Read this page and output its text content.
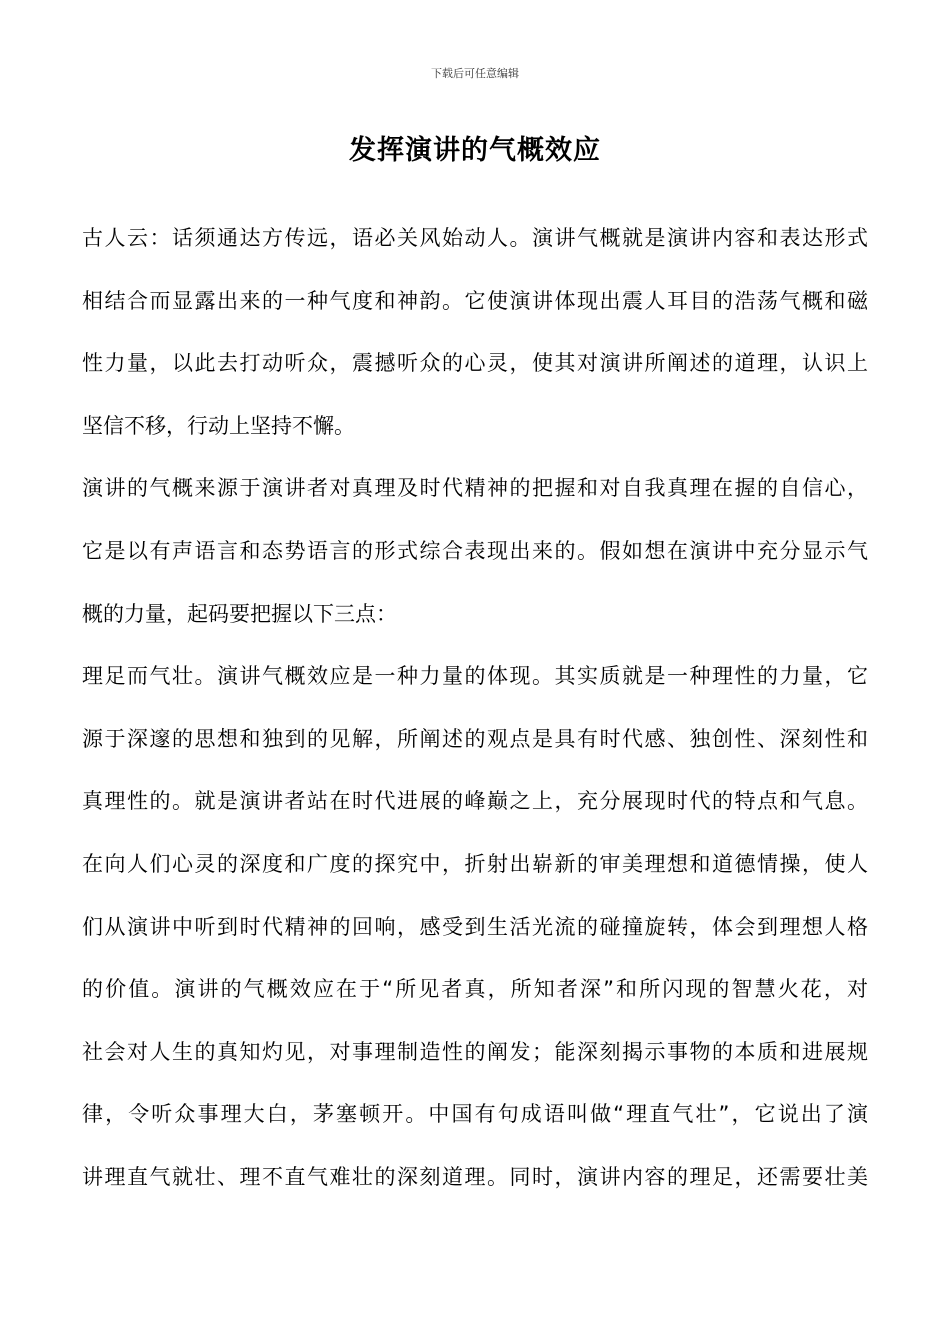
下载后可任意编辑
发挥演讲的气概效应
古人云：话须通达方传远，语必关风始动人。演讲气概就是演讲内容和表达形式
相结合而显露出来的一种气度和神韵。它使演讲体现出震人耳目的浩荡气概和磁
性力量，以此去打动听众，震撼听众的心灵，使其对演讲所阐述的道理，认识上
坚信不移，行动上坚持不懈。
演讲的气概来源于演讲者对真理及时代精神的把握和对自我真理在握的自信心，
它是以有声语言和态势语言的形式综合表现出来的。假如想在演讲中充分显示气
概的力量，起码要把握以下三点：
理足而气壮。演讲气概效应是一种力量的体现。其实质就是一种理性的力量，它
源于深邃的思想和独到的见解，所阐述的观点是具有时代感、独创性、深刻性和
真理性的。就是演讲者站在时代进展的峰巅之上，充分展现时代的特点和气息。
在向人们心灵的深度和广度的探究中，折射出崭新的审美理想和道德情操，使人
们从演讲中听到时代精神的回响，感受到生活光流的碰撞旋转，体会到理想人格
的价值。演讲的气概效应在于“所见者真，所知者深”和所闪现的智慧火花，对
社会对人生的真知灼见，对事理制造性的阐发；能深刻揭示事物的本质和进展规
律，令听众事理大白，茅塞顿开。中国有句成语叫做“理直气壮”，它说出了演
讲理直气就壮、理不直气难壮的深刻道理。同时，演讲内容的理足，还需要壮美
